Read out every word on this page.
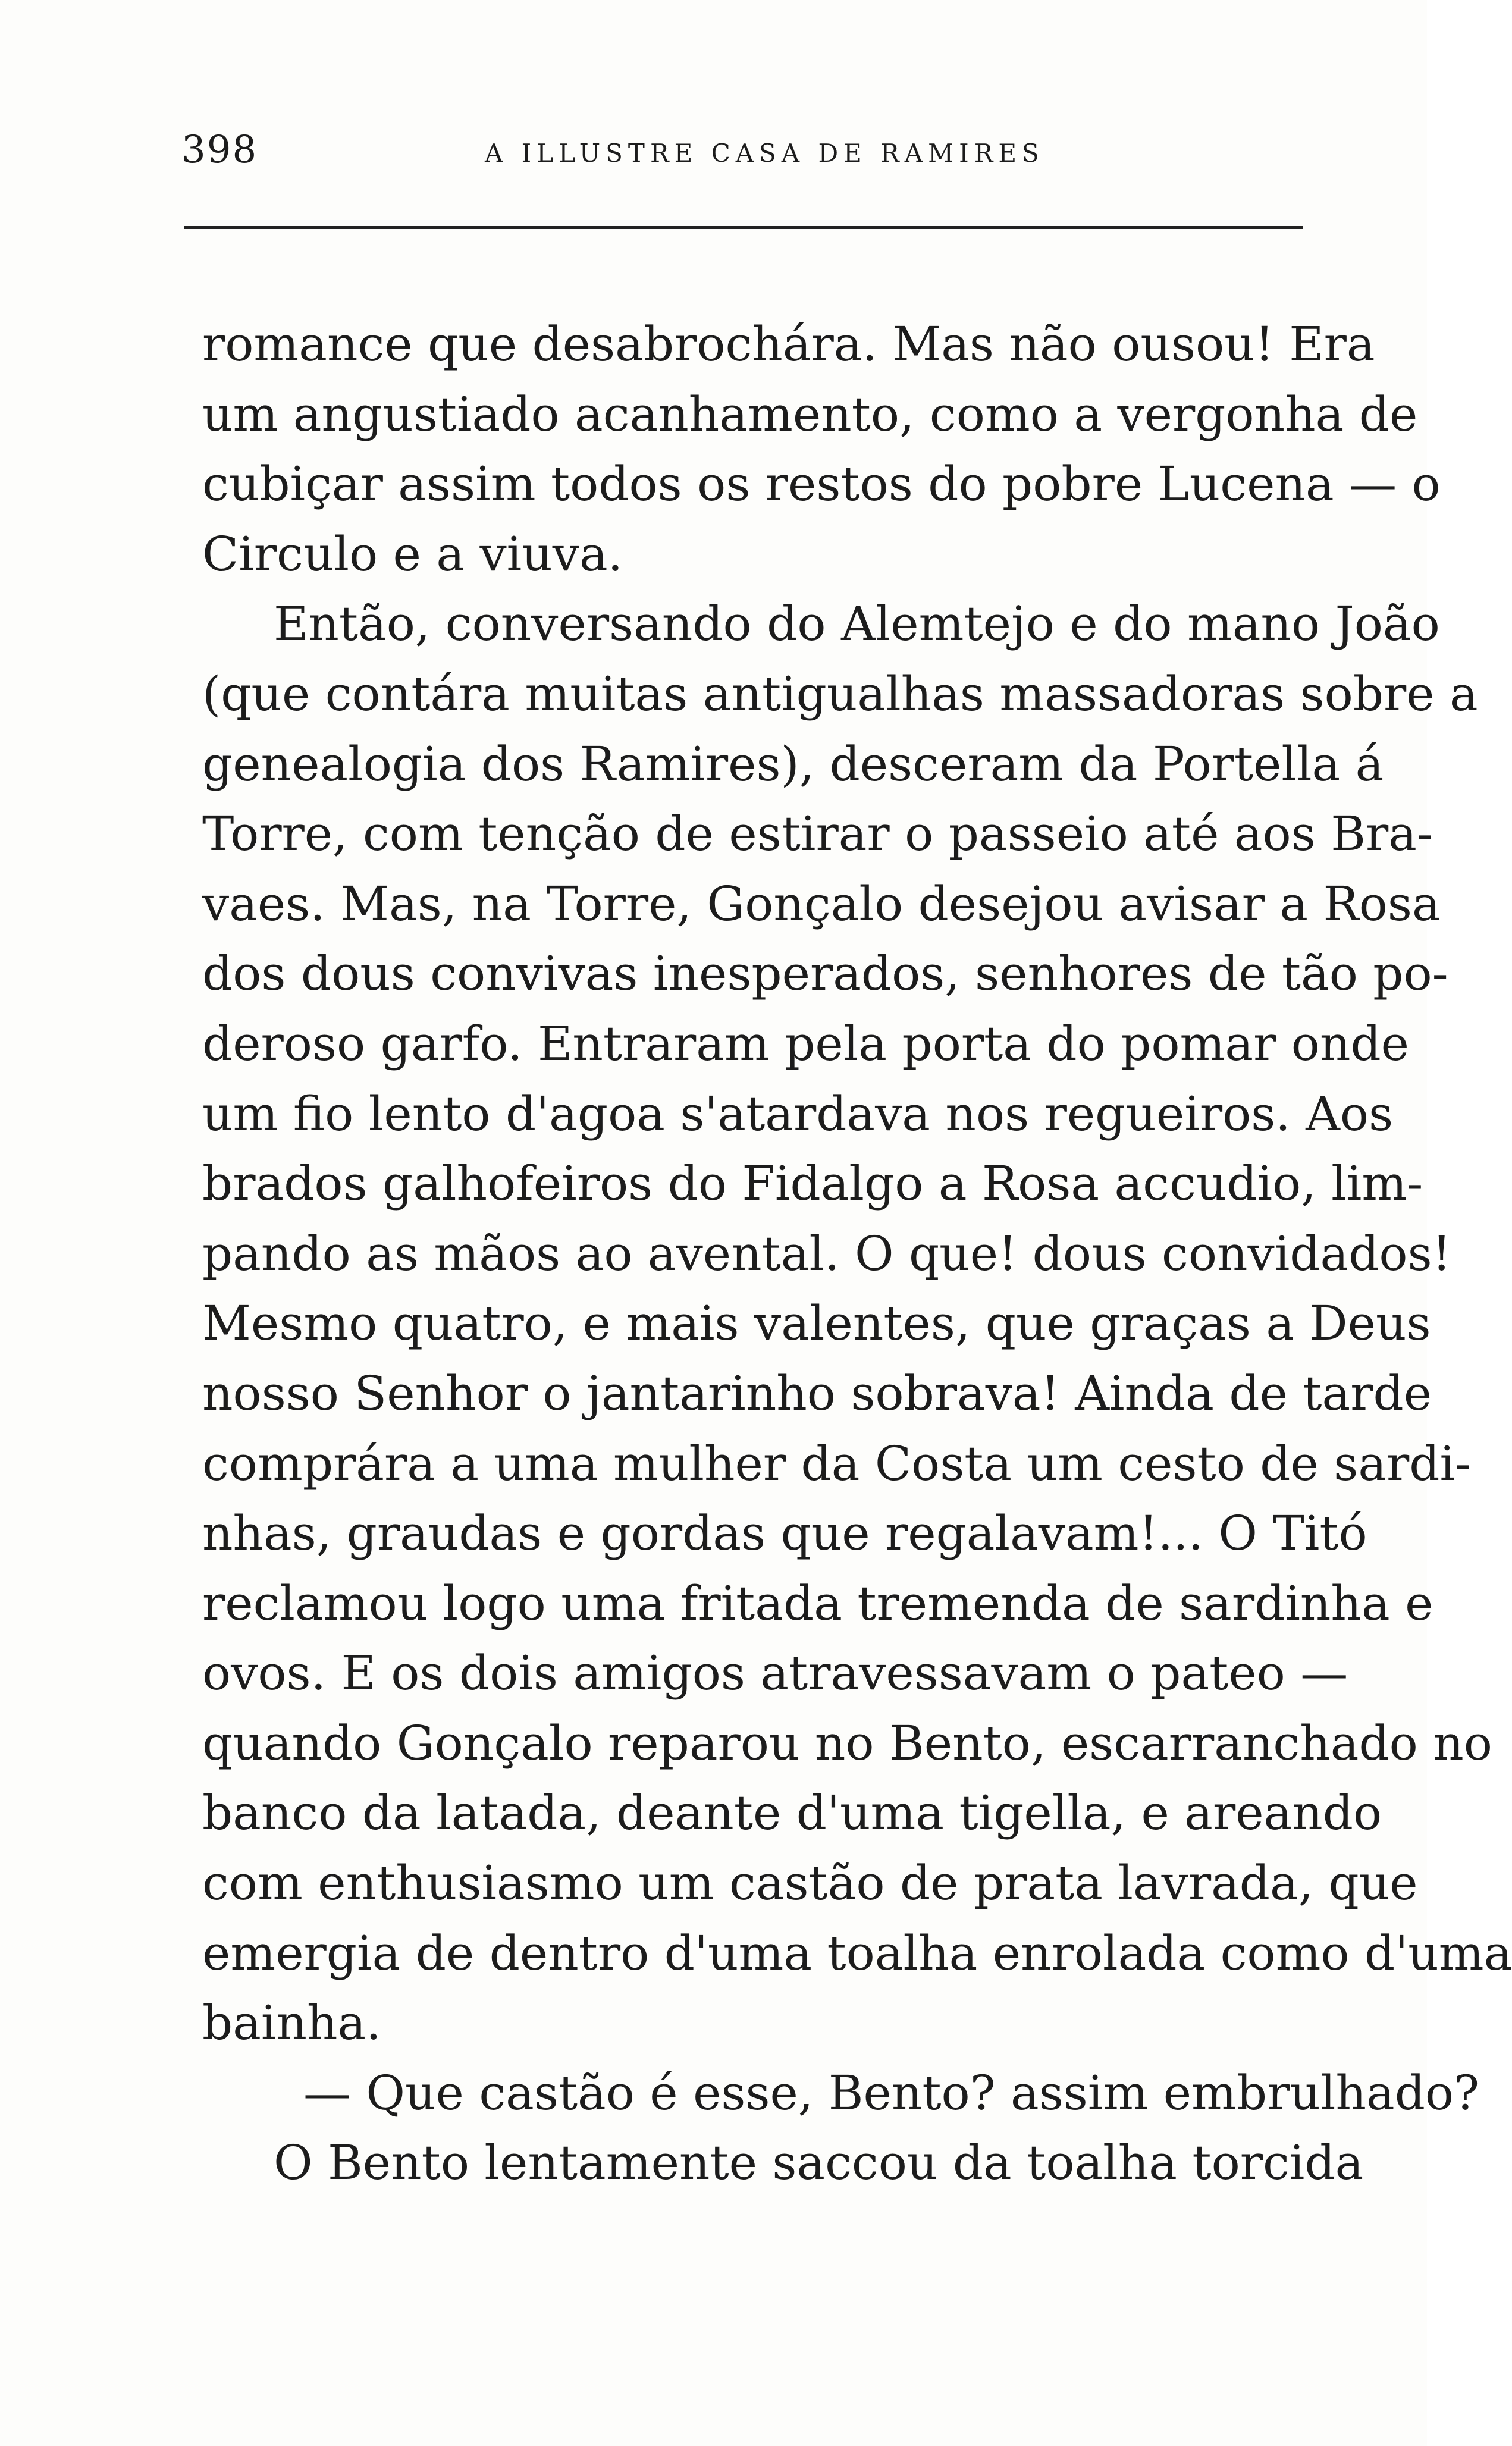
398	A ILLUSTRE CASA DE RAMIRES
romance que desabrochára. Mas não ousou! Era
um angustiado acanhamento, como a vergonha de
cubiçar assim todos os restos do pobre Lucena — o
Circulo e a viuva.
Então, conversando do Alemtejo e do mano João
(que contára muitas antigualhas massadoras sobre a
genealogia dos Ramires), desceram da Portella á
Torre, com tenção de estirar o passeio até aos Bra-
vaes. Mas, na Torre, Gonçalo desejou avisar a Rosa
dos dous convivas inesperados, senhores de tão po-
deroso garfo. Entraram pela porta do pomar onde
um fio lento d'agoa s'atardava nos regueiros. Aos
brados galhofeiros do Fidalgo a Rosa accudio, lim-
pando as mãos ao avental. O que! dous convidados!
Mesmo quatro, e mais valentes, que graças a Deus
nosso Senhor o jantarinho sobrava! Ainda de tarde
comprára a uma mulher da Costa um cesto de sardi-
nhas, graudas e gordas que regalavam!... O Titó
reclamou logo uma fritada tremenda de sardinha e
ovos. E os dois amigos atravessavam o pateo —
quando Gonçalo reparou no Bento, escarranchado no
banco da latada, deante d'uma tigella, e areando
com enthusiasmo um castão de prata lavrada, que
emergia de dentro d'uma toalha enrolada como d'uma
bainha.
— Que castão é esse, Bento? assim embrulhado?
O Bento lentamente saccou da toalha torcida
